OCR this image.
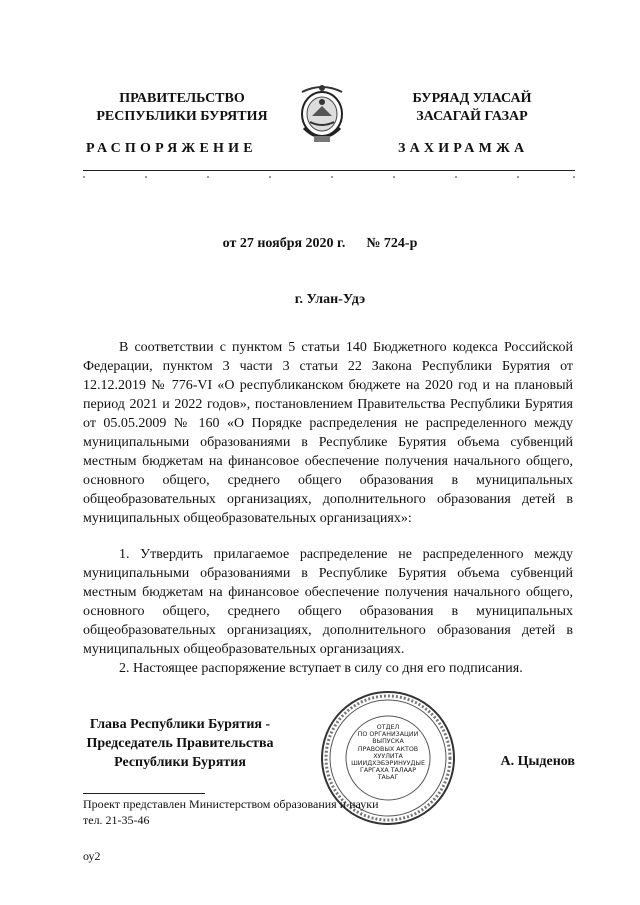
ПРАВИТЕЛЬСТВО
РЕСПУБЛИКИ БУРЯТИЯ
БУРЯАД УЛАСАЙ
ЗАСАГАЙ ГАЗАР
РАСПОРЯЖЕНИЕ	ЗАХИРАМЖА
от 27 ноября 2020 г. № 724-р
г. Улан-Удэ
В соответствии с пунктом 5 статьи 140 Бюджетного кодекса Российской Федерации, пунктом 3 части 3 статьи 22 Закона Республики Бурятия от 12.12.2019 № 776-VI «О республиканском бюджете на 2020 год и на плановый период 2021 и 2022 годов», постановлением Правительства Республики Бурятия от 05.05.2009 № 160 «О Порядке распределения не распределенного между муниципальными образованиями в Республике Бурятия объема субвенций местным бюджетам на финансовое обеспечение получения начального общего, основного общего, среднего общего образования в муниципальных общеобразовательных организациях, дополнительного образования детей в муниципальных общеобразовательных организациях»:
1. Утвердить прилагаемое распределение не распределенного между муниципальными образованиями в Республике Бурятия объема субвенций местным бюджетам на финансовое обеспечение получения начального общего, основного общего, среднего общего образования в муниципальных общеобразовательных организациях, дополнительного образования детей в муниципальных общеобразовательных организациях.
2. Настоящее распоряжение вступает в силу со дня его подписания.
Глава Республики Бурятия -
Председатель Правительства
Республики Бурятия
ОТДЕЛ
ПО ОРГАНИЗАЦИИ
ВЫПУСКА
ПРАВОВЫХ АКТОВ
ХУУЛИТА
ШИИДХЭБЭРИНУУДЫЕ
ГАРГАХА ТАЛААР
ТАЬАГ
А. Цыденов
Проект представлен Министерством образования и науки
тел. 21-35-46
оу2
